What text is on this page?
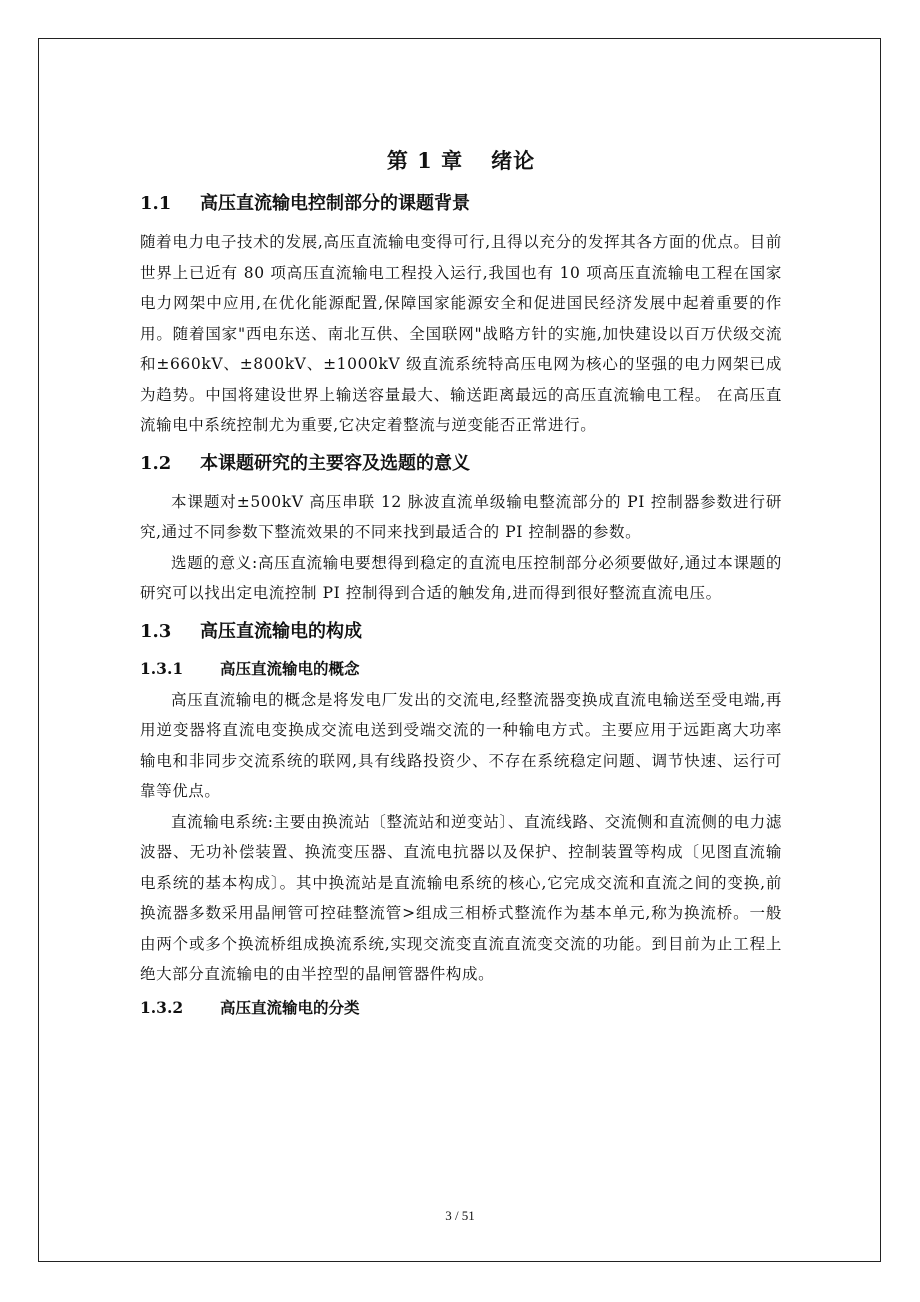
第 1 章 绪论
1.1 高压直流输电控制部分的课题背景

随着电力电子技术的发展,高压直流输电变得可行,且得以充分的发挥其各方面的优点。目前世界上已近有 80 项高压直流输电工程投入运行,我国也有 10 项高压直流输电工程在国家电力网架中应用,在优化能源配置,保障国家能源安全和促进国民经济发展中起着重要的作用。随着国家"西电东送、南北互供、全国联网"战略方针的实施,加快建设以百万伏级交流和±660kV、±800kV、±1000kV 级直流系统特高压电网为核心的坚强的电力网架已成为趋势。中国将建设世界上输送容量最大、输送距离最远的高压直流输电工程。 在高压直流输电中系统控制尤为重要,它决定着整流与逆变能否正常进行。

1.2 本课题研究的主要容及选题的意义

本课题对±500kV 高压串联 12 脉波直流单级输电整流部分的 PI 控制器参数进行研究,通过不同参数下整流效果的不同来找到最适合的 PI 控制器的参数。

选题的意义:高压直流输电要想得到稳定的直流电压控制部分必须要做好,通过本课题的研究可以找出定电流控制 PI 控制得到合适的触发角,进而得到很好整流直流电压。

1.3 高压直流输电的构成
1.3.1 高压直流输电的概念

高压直流输电的概念是将发电厂发出的交流电,经整流器变换成直流电输送至受电端,再用逆变器将直流电变换成交流电送到受端交流的一种输电方式。主要应用于远距离大功率输电和非同步交流系统的联网,具有线路投资少、不存在系统稳定问题、调节快速、运行可靠等优点。

直流输电系统:主要由换流站〔整流站和逆变站〕、直流线路、交流侧和直流侧的电力滤波器、无功补偿装置、换流变压器、直流电抗器以及保护、控制装置等构成〔见图直流输电系统的基本构成〕。其中换流站是直流输电系统的核心,它完成交流和直流之间的变换,前换流器多数采用晶闸管可控硅整流管>组成三相桥式整流作为基本单元,称为换流桥。一般由两个或多个换流桥组成换流系统,实现交流变直流直流变交流的功能。到目前为止工程上绝大部分直流输电的由半控型的晶闸管器件构成。

1.3.2 高压直流输电的分类
3 / 51
